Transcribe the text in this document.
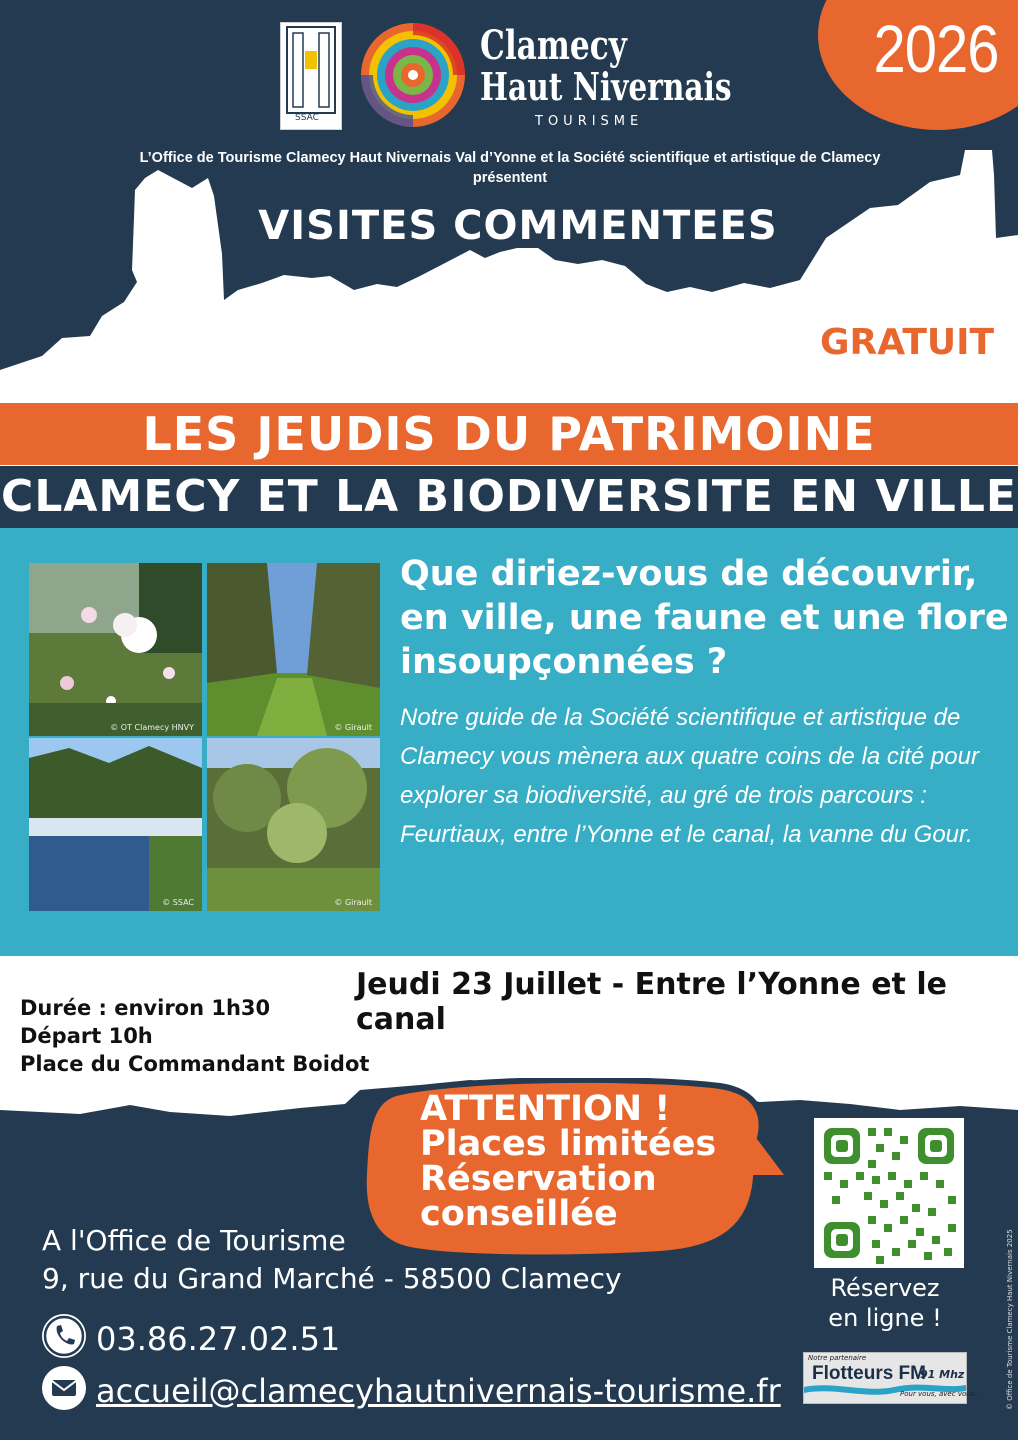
2026
SSAC
Clamecy
Haut Nivernais
TOURISME
L’Office de Tourisme Clamecy Haut Nivernais Val d’Yonne et la Société scientifique et artistique de Clamecy
présentent
VISITES COMMENTEES
GRATUIT
LES JEUDIS DU PATRIMOINE
CLAMECY ET LA BIODIVERSITE EN VILLE
© OT Clamecy HNVY	© Girault
© SSAC	© Girault
Que diriez-vous de découvrir, en ville, une faune et une flore insoupçonnées ?
Notre guide de la Société scientifique et artistique de Clamecy vous mènera aux quatre coins de la cité pour explorer sa biodiversité, au gré de trois parcours : Feurtiaux, entre l’Yonne et le canal, la vanne du Gour.
Jeudi 23 Juillet - Entre l’Yonne et le canal
Durée : environ 1h30
Départ 10h
Place du Commandant Boidot
ATTENTION !
Places limitées
Réservation
conseillée
A l'Office de Tourisme
9, rue du Grand Marché - 58500 Clamecy
03.86.27.02.51
accueil@clamecyhautnivernais-tourisme.fr
Réservez
en ligne !
Notre partenaire
Flotteurs FM
91 Mhz
Pour vous, avec vous...	© Office de Tourisme Clamecy Haut Nivernais 2025
